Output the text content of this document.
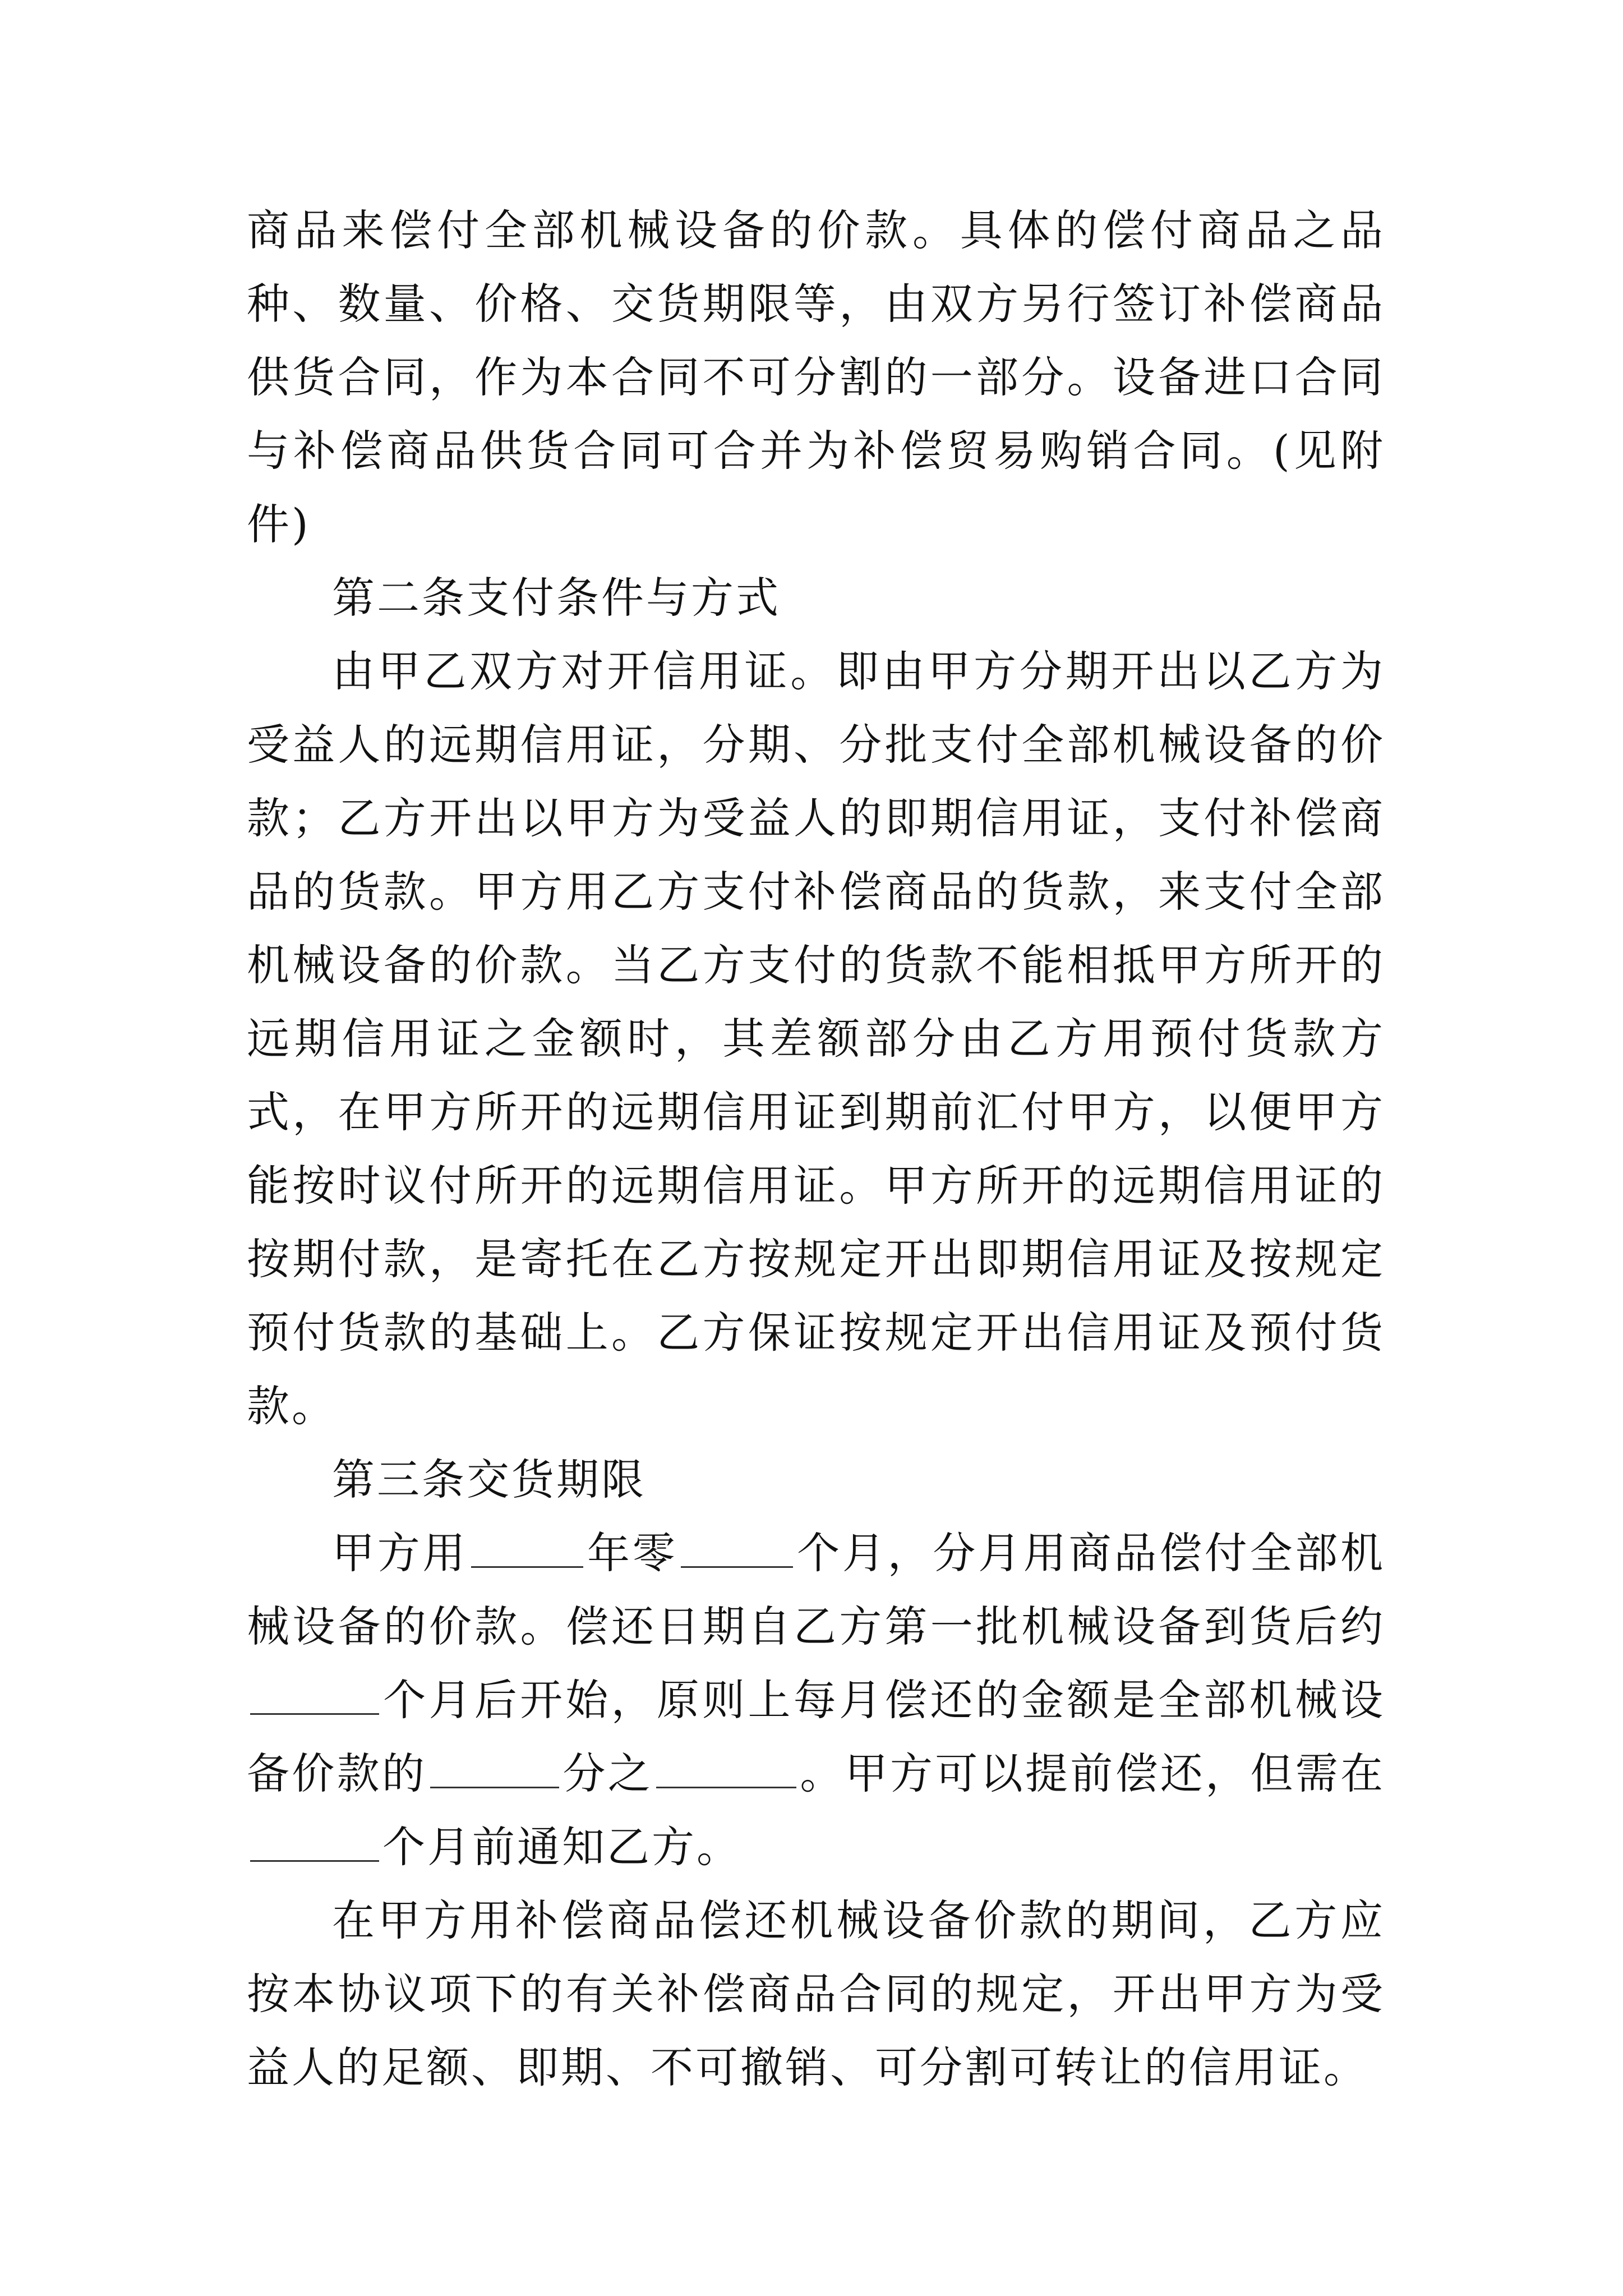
商品来偿付全部机械设备的价款。具体的偿付商品之品种、数量、价格、交货期限等，由双方另行签订补偿商品供货合同，作为本合同不可分割的一部分。设备进口合同与补偿商品供货合同可合并为补偿贸易购销合同。(见附件)

第二条支付条件与方式

由甲乙双方对开信用证。即由甲方分期开出以乙方为受益人的远期信用证，分期、分批支付全部机械设备的价款；乙方开出以甲方为受益人的即期信用证，支付补偿商品的货款。甲方用乙方支付补偿商品的货款，来支付全部机械设备的价款。当乙方支付的货款不能相抵甲方所开的远期信用证之金额时，其差额部分由乙方用预付货款方式，在甲方所开的远期信用证到期前汇付甲方，以便甲方能按时议付所开的远期信用证。甲方所开的远期信用证的按期付款，是寄托在乙方按规定开出即期信用证及按规定预付货款的基础上。乙方保证按规定开出信用证及预付货款。

第三条交货期限

甲方用	年零	个月，分月用商品偿付全部机械设备的价款。偿还日期自乙方第一批机械设备到货后约个月后开始，原则上每月偿还的金额是全部机械设备价款的	分之	。甲方可以提前偿还，但需在个月前通知乙方。

在甲方用补偿商品偿还机械设备价款的期间，乙方应按本协议项下的有关补偿商品合同的规定，开出甲方为受益人的足额、即期、不可撤销、可分割可转让的信用证。
